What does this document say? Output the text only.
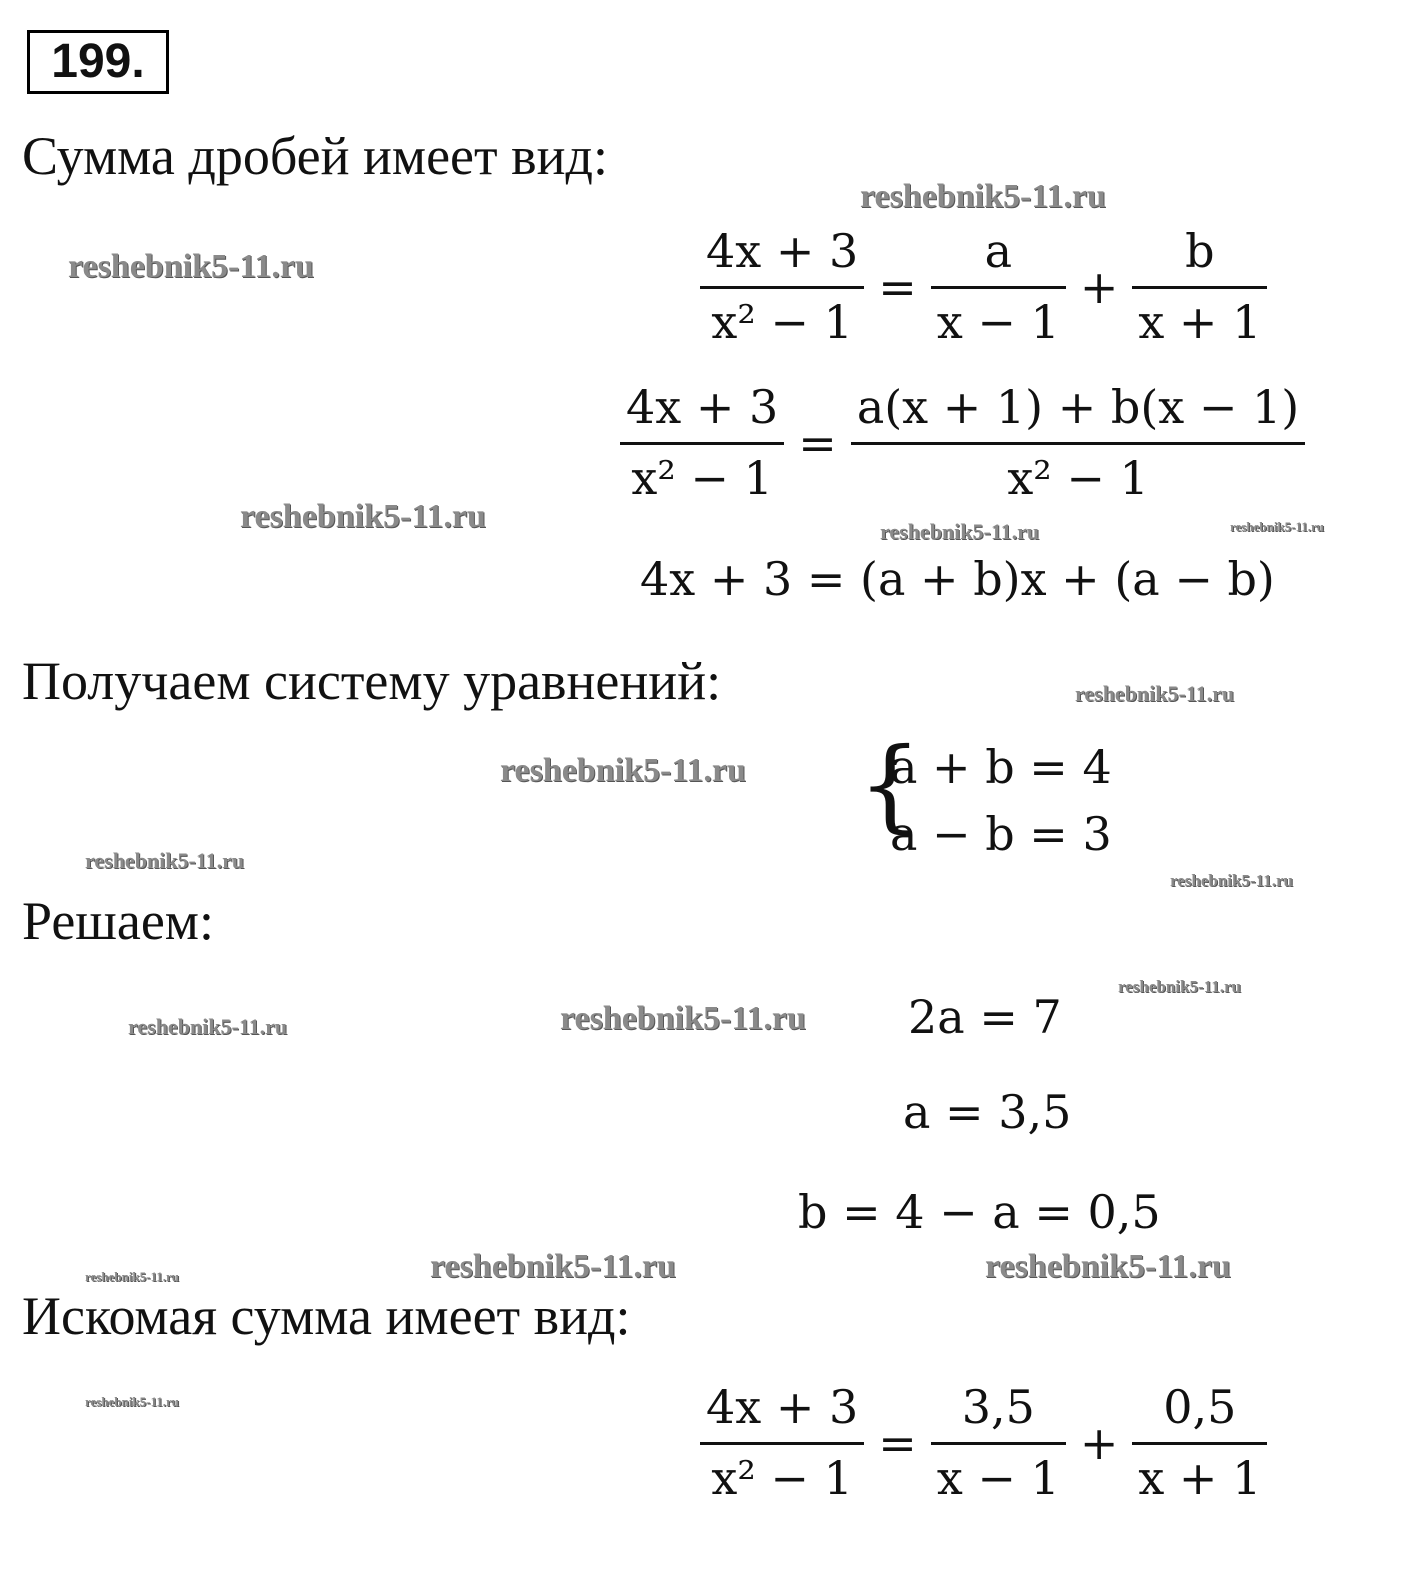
199.
Сумма дробей имеет вид:
$\frac{4x + 3}{\text{x² − 1}} = \frac{a}{x - 1} + \frac{b}{x + 1}$
$\frac{4x + 3}{\text{x² − 1}} = \frac{a(x + 1) + b(x - 1)}{\text{x² − 1}}$
4x + 3 = (a + b)x + (a − b)
Получаем систему уравнений:
{
a + b = 4
a − b = 3
Решаем:
2a = 7
a = 3,5
b = 4 − a = 0,5
Искомая сумма имеет вид:
$\frac{4x + 3}{\text{x² − 1}} = \frac{3,5}{x - 1} + \frac{0,5}{x + 1}$
reshebnik5-11.ru
reshebnik5-11.ru
reshebnik5-11.ru	reshebnik5-11.ru
reshebnik5-11.ru
reshebnik5-11.ru
reshebnik5-11.ru
reshebnik5-11.ru
reshebnik5-11.ru
reshebnik5-11.ru
reshebnik5-11.ru	reshebnik5-11.ru
reshebnik5-11.ru	reshebnik5-11.ru
reshebnik5-11.ru
reshebnik5-11.ru
